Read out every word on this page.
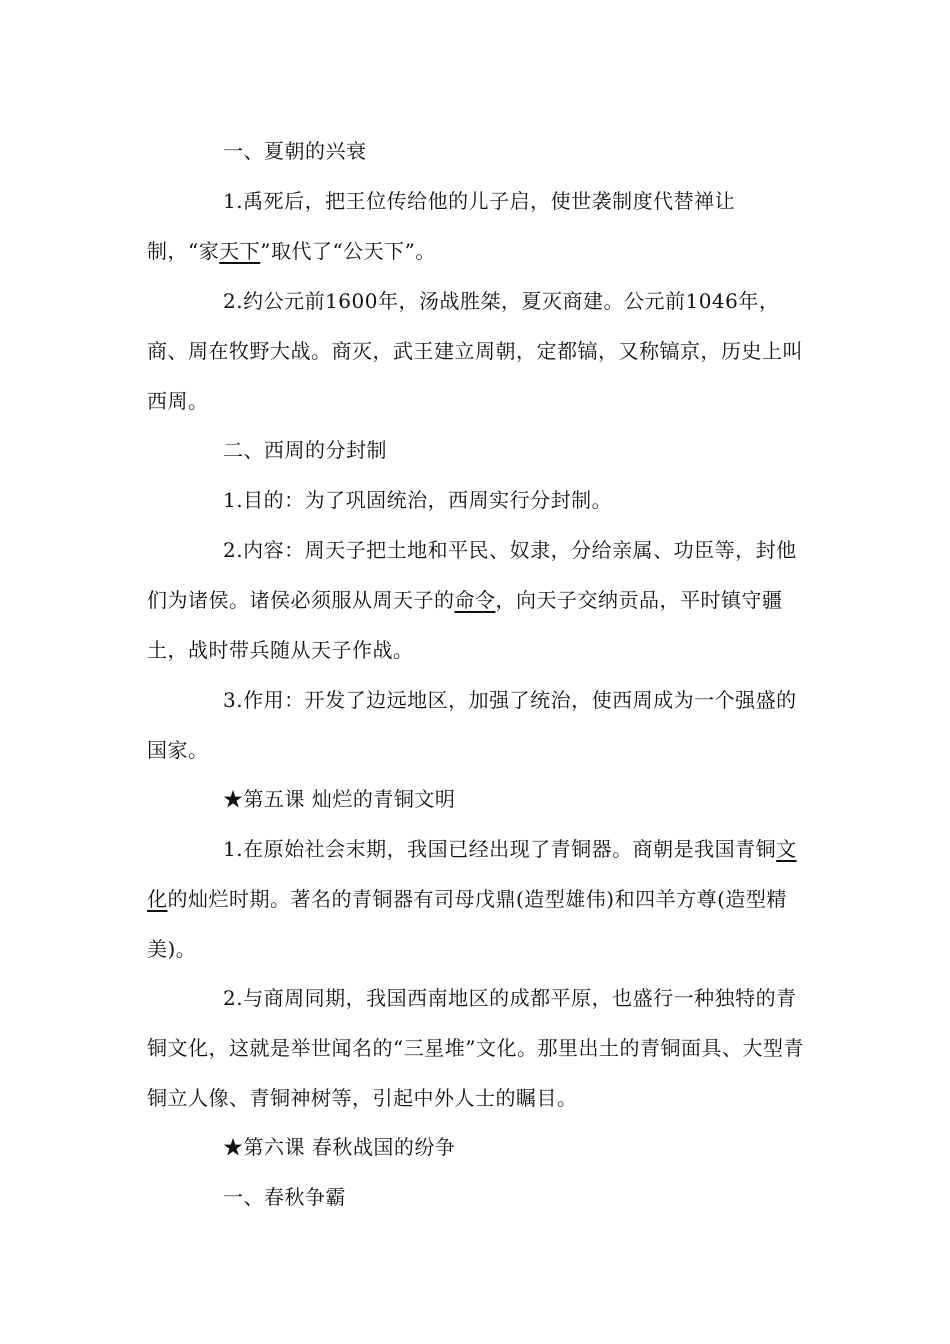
一、夏朝的兴衰

1.禹死后，把王位传给他的儿子启，使世袭制度代替禅让制，“家天下”取代了“公天下”。

2.约公元前1600年，汤战胜桀，夏灭商建。公元前1046年，商、周在牧野大战。商灭，武王建立周朝，定都镐，又称镐京，历史上叫西周。

二、西周的分封制

1.目的：为了巩固统治，西周实行分封制。

2.内容：周天子把土地和平民、奴隶，分给亲属、功臣等，封他们为诸侯。诸侯必须服从周天子的命令，向天子交纳贡品，平时镇守疆土，战时带兵随从天子作战。

3.作用：开发了边远地区，加强了统治，使西周成为一个强盛的国家。

★第五课 灿烂的青铜文明

1.在原始社会末期，我国已经出现了青铜器。商朝是我国青铜文化的灿烂时期。著名的青铜器有司母戊鼎(造型雄伟)和四羊方尊(造型精美)。

2.与商周同期，我国西南地区的成都平原，也盛行一种独特的青铜文化，这就是举世闻名的“三星堆”文化。那里出土的青铜面具、大型青铜立人像、青铜神树等，引起中外人士的瞩目。

★第六课 春秋战国的纷争

一、春秋争霸
